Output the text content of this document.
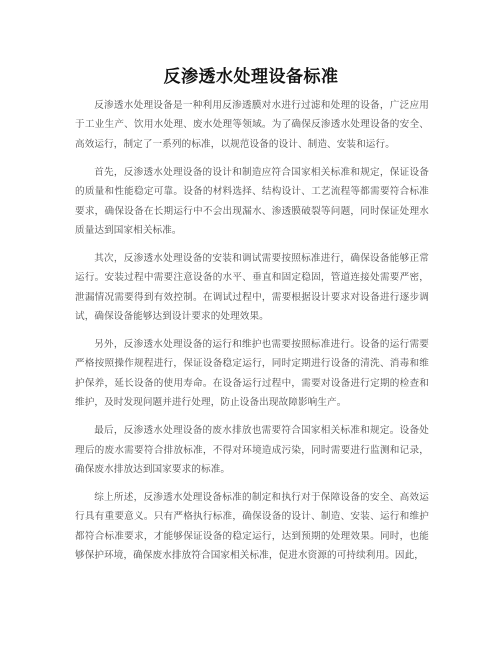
反渗透水处理设备标准

反渗透水处理设备是一种利用反渗透膜对水进行过滤和处理的设备，广泛应用于工业生产、饮用水处理、废水处理等领域。为了确保反渗透水处理设备的安全、高效运行，制定了一系列的标准，以规范设备的设计、制造、安装和运行。

首先，反渗透水处理设备的设计和制造应符合国家相关标准和规定，保证设备的质量和性能稳定可靠。设备的材料选择、结构设计、工艺流程等都需要符合标准要求，确保设备在长期运行中不会出现漏水、渗透膜破裂等问题，同时保证处理水质量达到国家相关标准。

其次，反渗透水处理设备的安装和调试需要按照标准进行，确保设备能够正常运行。安装过程中需要注意设备的水平、垂直和固定稳固，管道连接处需要严密，泄漏情况需要得到有效控制。在调试过程中，需要根据设计要求对设备进行逐步调试，确保设备能够达到设计要求的处理效果。

另外，反渗透水处理设备的运行和维护也需要按照标准进行。设备的运行需要严格按照操作规程进行，保证设备稳定运行，同时定期进行设备的清洗、消毒和维护保养，延长设备的使用寿命。在设备运行过程中，需要对设备进行定期的检查和维护，及时发现问题并进行处理，防止设备出现故障影响生产。

最后，反渗透水处理设备的废水排放也需要符合国家相关标准和规定。设备处理后的废水需要符合排放标准，不得对环境造成污染，同时需要进行监测和记录，确保废水排放达到国家要求的标准。

综上所述，反渗透水处理设备标准的制定和执行对于保障设备的安全、高效运行具有重要意义。只有严格执行标准，确保设备的设计、制造、安装、运行和维护都符合标准要求，才能够保证设备的稳定运行，达到预期的处理效果。同时，也能够保护环境，确保废水排放符合国家相关标准，促进水资源的可持续利用。因此，
